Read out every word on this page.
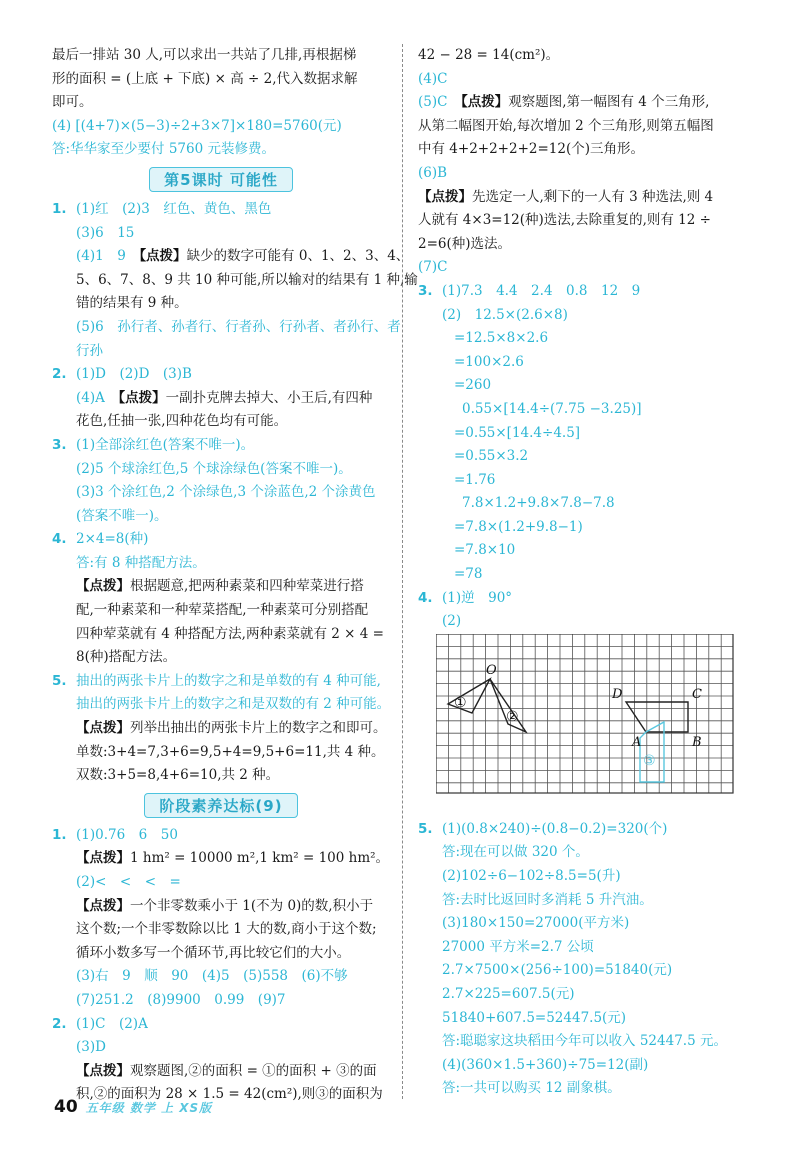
最后一排站 30 人,可以求出一共站了几排,再根据梯
形的面积 = (上底 + 下底) × 高 ÷ 2,代入数据求解
即可。
(4) [(4+7)×(5−3)÷2+3×7]×180=5760(元)
答:华华家至少要付 5760 元装修费。
第5课时 可能性
1. (1)红　(2)3　红色、黄色、黑色
(3)6　15
(4)1　9　【点拨】缺少的数字可能有 0、1、2、3、4、
5、6、7、8、9 共 10 种可能,所以输对的结果有 1 种,输
错的结果有 9 种。
(5)6　孙行者、孙者行、行者孙、行孙者、者孙行、者
行孙
2. (1)D　(2)D　(3)B
(4)A　【点拨】一副扑克牌去掉大、小王后,有四种
花色,任抽一张,四种花色均有可能。
3. (1)全部涂红色(答案不唯一)。
(2)5 个球涂红色,5 个球涂绿色(答案不唯一)。
(3)3 个涂红色,2 个涂绿色,3 个涂蓝色,2 个涂黄色
(答案不唯一)。
4. 2×4=8(种)
答:有 8 种搭配方法。
【点拨】根据题意,把两种素菜和四种荤菜进行搭
配,一种素菜和一种荤菜搭配,一种素菜可分别搭配
四种荤菜就有 4 种搭配方法,两种素菜就有 2 × 4 =
8(种)搭配方法。
5. 抽出的两张卡片上的数字之和是单数的有 4 种可能,
抽出的两张卡片上的数字之和是双数的有 2 种可能。
【点拨】列举出抽出的两张卡片上的数字之和即可。
单数:3+4=7,3+6=9,5+4=9,5+6=11,共 4 种。
双数:3+5=8,4+6=10,共 2 种。
阶段素养达标(9)
1. (1)0.76　6　50
【点拨】1 hm² = 10000 m²,1 km² = 100 hm²。
(2)<　<　<　=
【点拨】一个非零数乘小于 1(不为 0)的数,积小于
这个数;一个非零数除以比 1 大的数,商小于这个数;
循环小数多写一个循环节,再比较它们的大小。
(3)右　9　顺　90　(4)5　(5)558　(6)不够
(7)251.2　(8)9900　0.99　(9)7
2. (1)C　(2)A
(3)D
【点拨】观察题图,②的面积 = ①的面积 + ③的面
积,②的面积为 28 × 1.5 = 42(cm²),则③的面积为
42 − 28 = 14(cm²)。
(4)C
(5)C　【点拨】观察题图,第一幅图有 4 个三角形,
从第二幅图开始,每次增加 2 个三角形,则第五幅图
中有 4+2+2+2+2=12(个)三角形。
(6)B
【点拨】先选定一人,剩下的一人有 3 种选法,则 4
人就有 4×3=12(种)选法,去除重复的,则有 12 ÷
2=6(种)选法。
(7)C
3. (1)7.3　4.4　2.4　0.8　12　9
(2)　12.5×(2.6×8)
=12.5×8×2.6
=100×2.6
=260
0.55×[14.4÷(7.75 −3.25)]
=0.55×[14.4÷4.5]
=0.55×3.2
=1.76
7.8×1.2+9.8×7.8−7.8
=7.8×(1.2+9.8−1)
=7.8×10
=78
4. (1)逆　90°
(2)
O
①
②
D	C
A	B
③
5. (1)(0.8×240)÷(0.8−0.2)=320(个)
答:现在可以做 320 个。
(2)102÷6−102÷8.5=5(升)
答:去时比返回时多消耗 5 升汽油。
(3)180×150=27000(平方米)
27000 平方米=2.7 公顷
2.7×7500×(256÷100)=51840(元)
2.7×225=607.5(元)
51840+607.5=52447.5(元)
答:聪聪家这块稻田今年可以收入 52447.5 元。
(4)(360×1.5+360)÷75=12(副)
答:一共可以购买 12 副象棋。
40 五年级 数学 上 XS版
